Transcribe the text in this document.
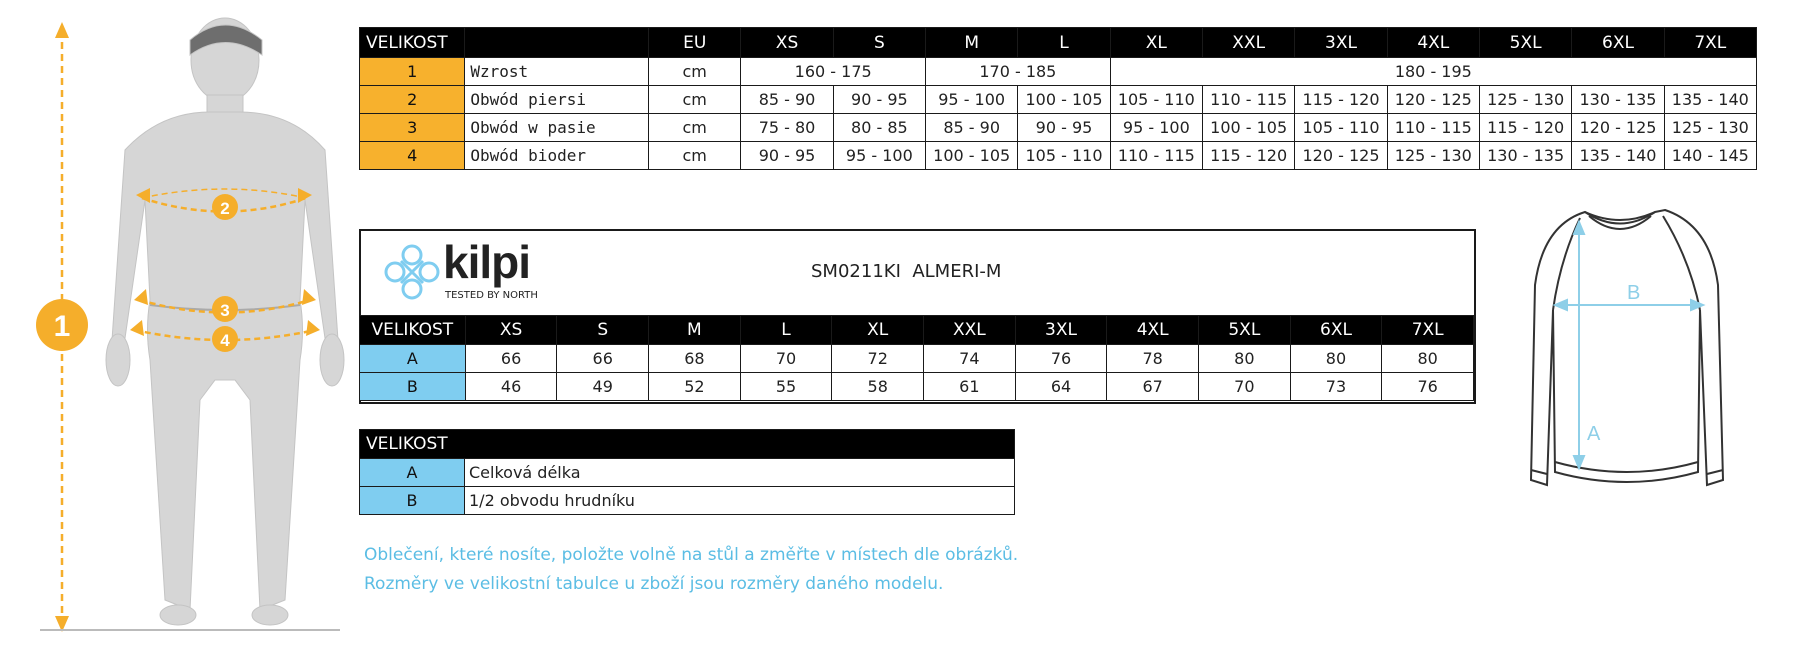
1
2
3
4
VELIKOST		EU	XS	S	M	L	XL	XXL	3XL	4XL	5XL	6XL	7XL
1	Wzrost	cm	160 - 175		170 - 185		180 - 195						
2	Obwód piersi	cm	85 - 90	90 - 95	95 - 100	100 - 105	105 - 110	110 - 115	115 - 120	120 - 125	125 - 130	130 - 135	135 - 140
3	Obwód w pasie	cm	75 - 80	80 - 85	85 - 90	90 - 95	95 - 100	100 - 105	105 - 110	110 - 115	115 - 120	120 - 125	125 - 130
4	Obwód bioder	cm	90 - 95	95 - 100	100 - 105	105 - 110	110 - 115	115 - 120	120 - 125	125 - 130	130 - 135	135 - 140	140 - 145
kilpi
TESTED BY NORTH
SM0211KI  ALMERI-M
VELIKOST	XS	S	M	L	XL	XXL	3XL	4XL	5XL	6XL	7XL
A	66	66	68	70	72	74	76	78	80	80	80
B	46	49	52	55	58	61	64	67	70	73	76
VELIKOST	
A	Celková délka
B	1/2 obvodu hrudníku
Oblečení, které nosíte, položte volně na stůl a změřte v místech dle obrázků.
Rozměry ve velikostní tabulce u zboží jsou rozměry daného modelu.
B
A
